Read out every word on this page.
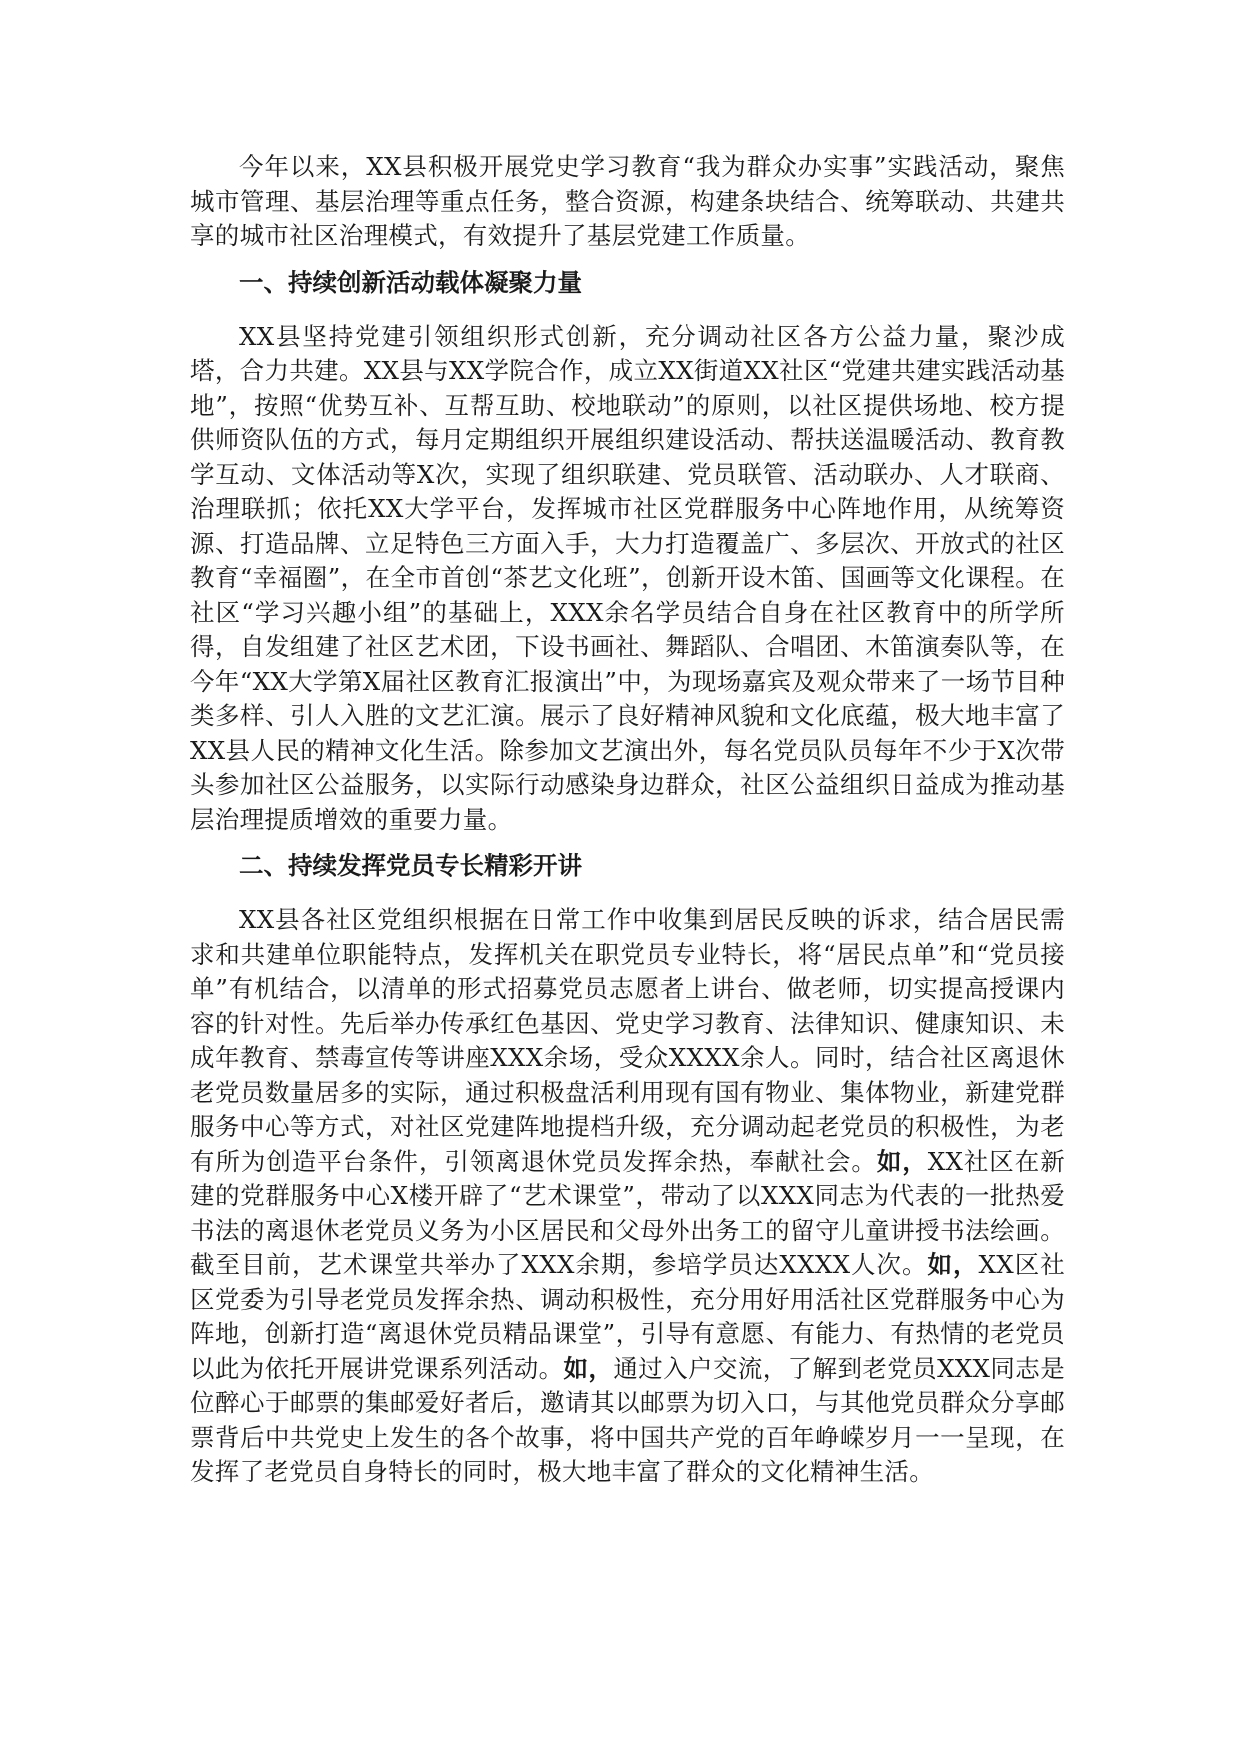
今年以来，XX县积极开展党史学习教育“我为群众办实事”实践活动，聚焦城市管理、基层治理等重点任务，整合资源，构建条块结合、统筹联动、共建共享的城市社区治理模式，有效提升了基层党建工作质量。

一、持续创新活动载体凝聚力量

XX县坚持党建引领组织形式创新，充分调动社区各方公益力量，聚沙成塔，合力共建。XX县与XX学院合作，成立XX街道XX社区“党建共建实践活动基地”，按照“优势互补、互帮互助、校地联动”的原则，以社区提供场地、校方提供师资队伍的方式，每月定期组织开展组织建设活动、帮扶送温暖活动、教育教学互动、文体活动等X次，实现了组织联建、党员联管、活动联办、人才联商、治理联抓；依托XX大学平台，发挥城市社区党群服务中心阵地作用，从统筹资源、打造品牌、立足特色三方面入手，大力打造覆盖广、多层次、开放式的社区教育“幸福圈”，在全市首创“茶艺文化班”，创新开设木笛、国画等文化课程。在社区“学习兴趣小组”的基础上，XXX余名学员结合自身在社区教育中的所学所得，自发组建了社区艺术团，下设书画社、舞蹈队、合唱团、木笛演奏队等，在今年“XX大学第X届社区教育汇报演出”中，为现场嘉宾及观众带来了一场节目种类多样、引人入胜的文艺汇演。展示了良好精神风貌和文化底蕴，极大地丰富了XX县人民的精神文化生活。除参加文艺演出外，每名党员队员每年不少于X次带头参加社区公益服务，以实际行动感染身边群众，社区公益组织日益成为推动基层治理提质增效的重要力量。

二、持续发挥党员专长精彩开讲

XX县各社区党组织根据在日常工作中收集到居民反映的诉求，结合居民需求和共建单位职能特点，发挥机关在职党员专业特长，将“居民点单”和“党员接单”有机结合，以清单的形式招募党员志愿者上讲台、做老师，切实提高授课内容的针对性。先后举办传承红色基因、党史学习教育、法律知识、健康知识、未成年教育、禁毒宣传等讲座XXX余场，受众XXXX余人。同时，结合社区离退休老党员数量居多的实际，通过积极盘活利用现有国有物业、集体物业，新建党群服务中心等方式，对社区党建阵地提档升级，充分调动起老党员的积极性，为老有所为创造平台条件，引领离退休党员发挥余热，奉献社会。如，XX社区在新建的党群服务中心X楼开辟了“艺术课堂”，带动了以XXX同志为代表的一批热爱书法的离退休老党员义务为小区居民和父母外出务工的留守儿童讲授书法绘画。截至目前，艺术课堂共举办了XXX余期，参培学员达XXXX人次。如，XX区社区党委为引导老党员发挥余热、调动积极性，充分用好用活社区党群服务中心为阵地，创新打造“离退休党员精品课堂”，引导有意愿、有能力、有热情的老党员以此为依托开展讲党课系列活动。如，通过入户交流，了解到老党员XXX同志是位醉心于邮票的集邮爱好者后，邀请其以邮票为切入口，与其他党员群众分享邮票背后中共党史上发生的各个故事，将中国共产党的百年峥嵘岁月一一呈现，在发挥了老党员自身特长的同时，极大地丰富了群众的文化精神生活。
